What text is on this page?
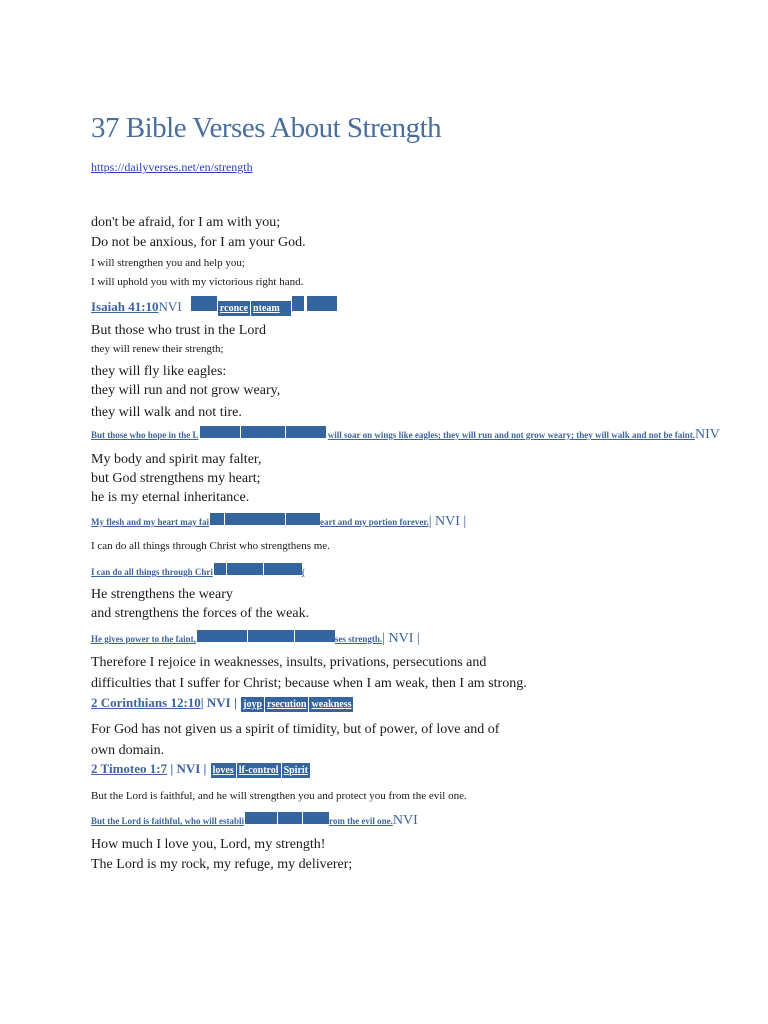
37 Bible Verses About Strength
https://dailyverses.net/en/strength
don't be afraid, for I am with you;
Do not be anxious, for I am your God.
I will strengthen you and help you;
I will uphold you with my victorious right hand.
Isaiah 41:10NVI	rconce nteam
But those who trust in the Lord
they will renew their strength;
they will fly like eagles:
they will run and not grow weary,
they will walk and not tire.
But those who hope in the L	will soar on wings like eagles; they will run and not grow weary; they will walk and not be faint.NIV
My body and spirit may falter,
but God strengthens my heart;
he is my eternal inheritance.
My flesh and my heart may fai	eart and my portion forever.| NVI |
I can do all things through Christ who strengthens me.
I can do all things through Chri	(
He strengthens the weary
and strengthens the forces of the weak.
He gives power to the faint,	ses strength.| NVI |
Therefore I rejoice in weaknesses, insults, privations, persecutions and
difficulties that I suffer for Christ; because when I am weak, then I am strong.
2 Corinthians 12:10| NVI | joyp rsecution weakness
For God has not given us a spirit of timidity, but of power, of love and of
own domain.
2 Timoteo 1:7 | NVI | loves lf-control Spirit
But the Lord is faithful, and he will strengthen you and protect you from the evil one.
But the Lord is faithful, who will establi	rom the evil one.NVI
How much I love you, Lord, my strength!
The Lord is my rock, my refuge, my deliverer;
